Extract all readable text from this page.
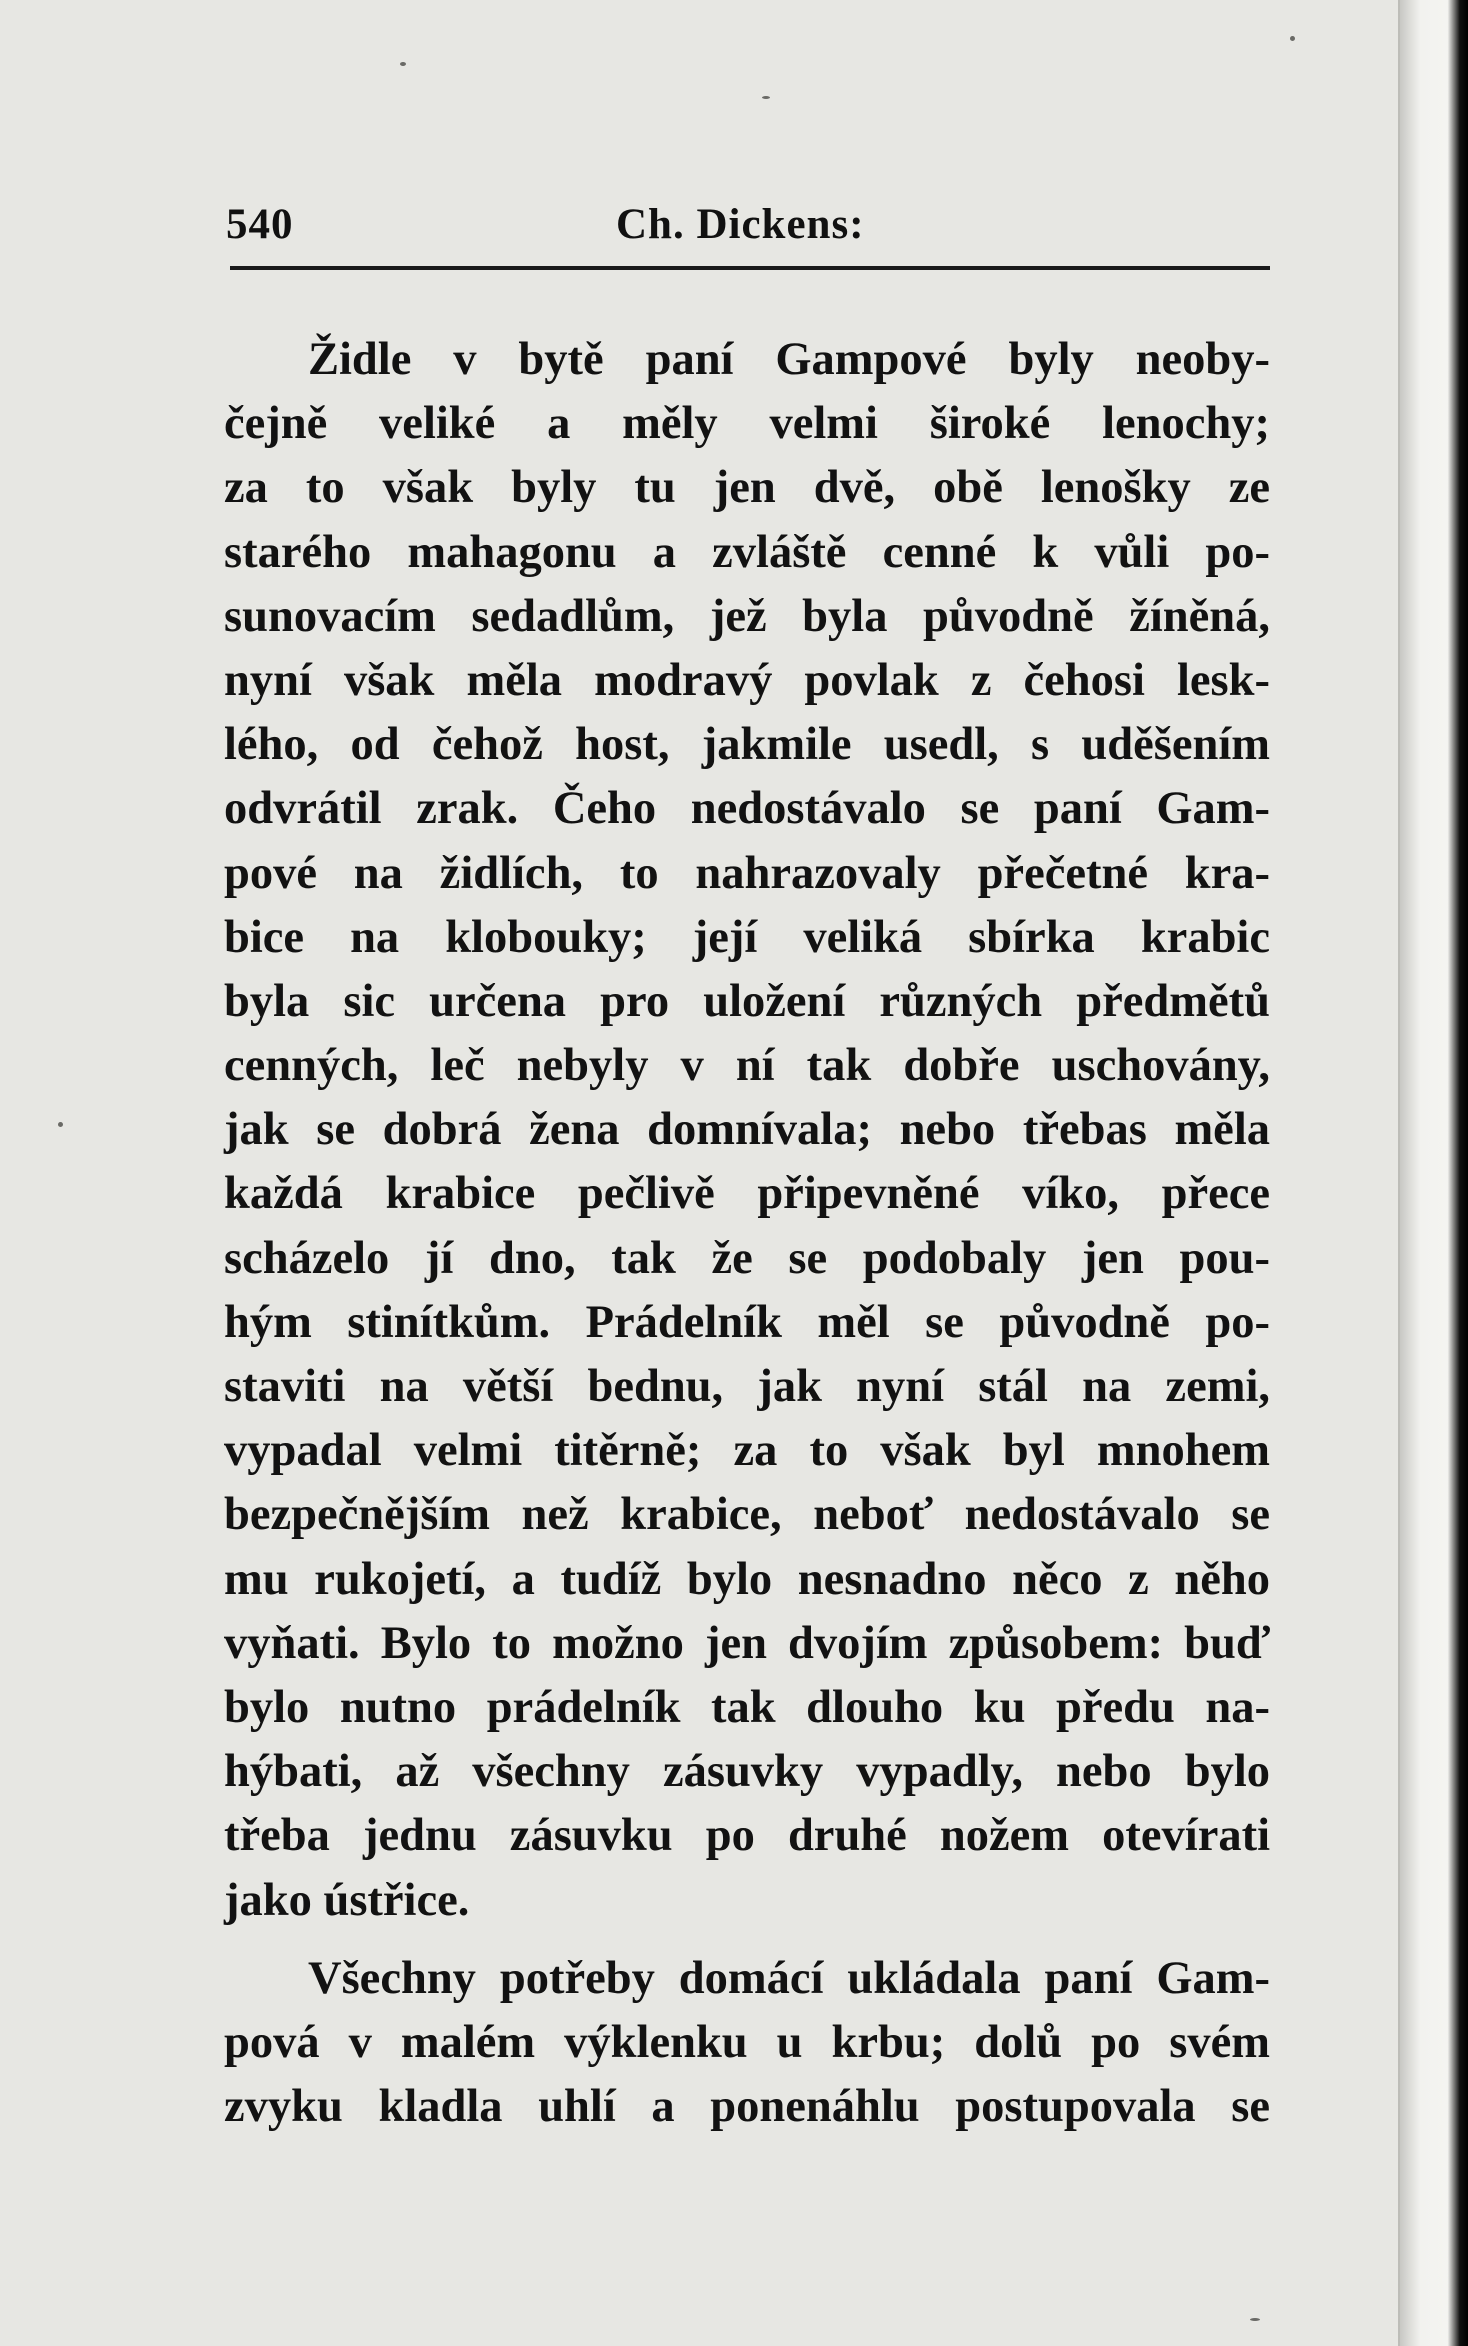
540	Ch. Dickens:

Židle v bytě paní Gampové byly neoby-
čejně veliké a měly velmi široké lenochy;
za to však byly tu jen dvě, obě lenošky ze
starého mahagonu a zvláště cenné k vůli po-
sunovacím sedadlům, jež byla původně žíněná,
nyní však měla modravý povlak z čehosi lesk-
lého, od čehož host, jakmile usedl, s uděšením
odvrátil zrak. Čeho nedostávalo se paní Gam-
pové na židlích, to nahrazovaly přečetné kra-
bice na klobouky; její veliká sbírka krabic
byla sic určena pro uložení různých předmětů
cenných, leč nebyly v ní tak dobře uschovány,
jak se dobrá žena domnívala; nebo třebas měla
každá krabice pečlivě připevněné víko, přece
scházelo jí dno, tak že se podobaly jen pou-
hým stinítkům. Prádelník měl se původně po-
staviti na větší bednu, jak nyní stál na zemi,
vypadal velmi titěrně; za to však byl mnohem
bezpečnějším než krabice, neboť nedostávalo se
mu rukojetí, a tudíž bylo nesnadno něco z něho
vyňati. Bylo to možno jen dvojím způsobem: buď
bylo nutno prádelník tak dlouho ku předu na-
hýbati, až všechny zásuvky vypadly, nebo bylo
třeba jednu zásuvku po druhé nožem otevírati
jako ústřice.

Všechny potřeby domácí ukládala paní Gam-
pová v malém výklenku u krbu; dolů po svém
zvyku kladla uhlí a ponenáhlu postupovala se
